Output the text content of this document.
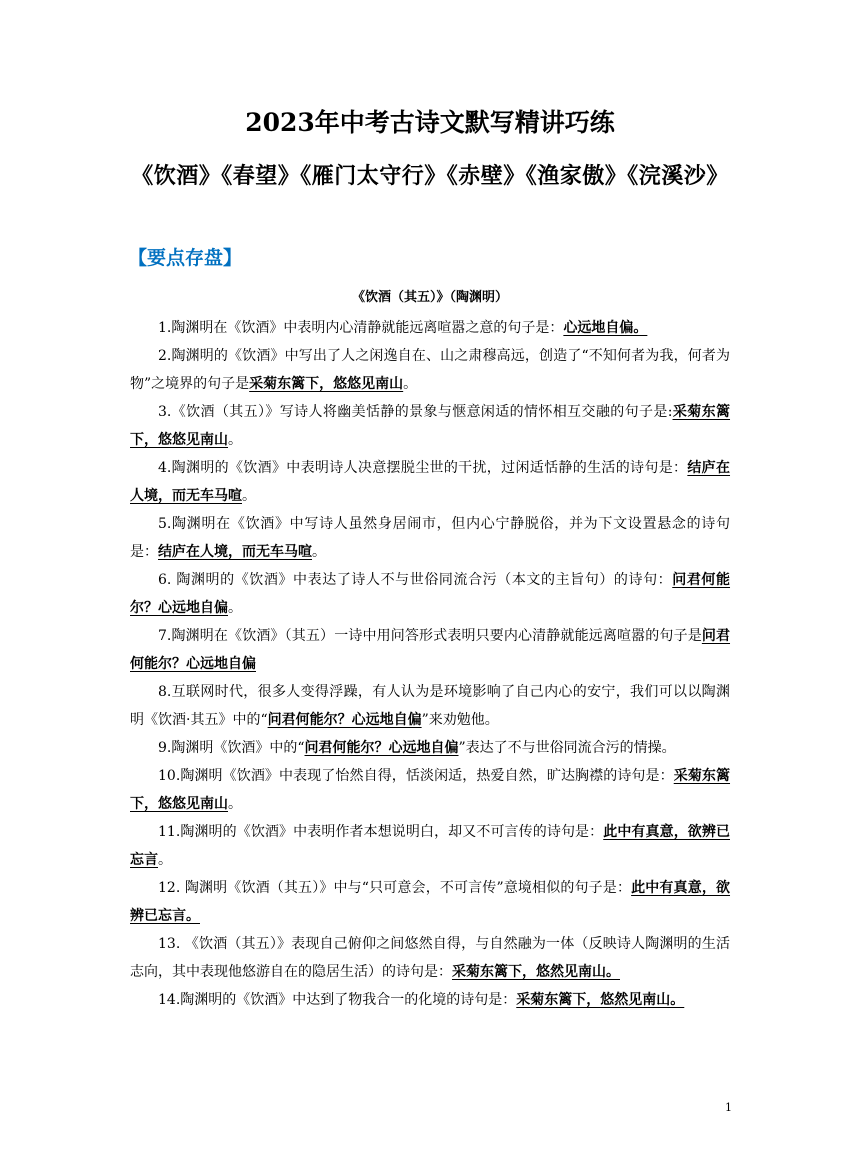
2023年中考古诗文默写精讲巧练
《饮酒》《春望》《雁门太守行》《赤壁》《渔家傲》《浣溪沙》
【要点存盘】
《饮酒（其五）》（陶渊明）

1.陶渊明在《饮酒》中表明内心清静就能远离喧嚣之意的句子是：心远地自偏。

2.陶渊明的《饮酒》中写出了人之闲逸自在、山之肃穆高远，创造了“不知何者为我，何者为物”之境界的句子是采菊东篱下，悠悠见南山。

3.《饮酒（其五）》写诗人将幽美恬静的景象与惬意闲适的情怀相互交融的句子是:采菊东篱下，悠悠见南山。

4.陶渊明的《饮酒》中表明诗人决意摆脱尘世的干扰，过闲适恬静的生活的诗句是：结庐在人境，而无车马喧。

5.陶渊明在《饮酒》中写诗人虽然身居闹市，但内心宁静脱俗，并为下文设置悬念的诗句是：结庐在人境，而无车马喧。

6. 陶渊明的《饮酒》中表达了诗人不与世俗同流合污（本文的主旨句）的诗句：问君何能尔？心远地自偏。

7.陶渊明在《饮酒》（其五）一诗中用问答形式表明只要内心清静就能远离喧嚣的句子是问君何能尔？心远地自偏

8.互联网时代，很多人变得浮躁，有人认为是环境影响了自己内心的安宁，我们可以以陶渊明《饮酒·其五》中的“问君何能尔？心远地自偏”来劝勉他。

9.陶渊明《饮酒》中的“问君何能尔？心远地自偏”表达了不与世俗同流合污的情操。

10.陶渊明《饮酒》中表现了怡然自得，恬淡闲适，热爱自然，旷达胸襟的诗句是：采菊东篱下，悠悠见南山。

11.陶渊明的《饮酒》中表明作者本想说明白，却又不可言传的诗句是：此中有真意，欲辨已忘言。

12. 陶渊明《饮酒（其五）》中与“只可意会，不可言传”意境相似的句子是：此中有真意，欲辨已忘言。

13. 《饮酒（其五）》表现自己俯仰之间悠然自得，与自然融为一体（反映诗人陶渊明的生活志向，其中表现他悠游自在的隐居生活）的诗句是：采菊东篱下，悠然见南山。

14.陶渊明的《饮酒》中达到了物我合一的化境的诗句是：采菊东篱下，悠然见南山。

1
